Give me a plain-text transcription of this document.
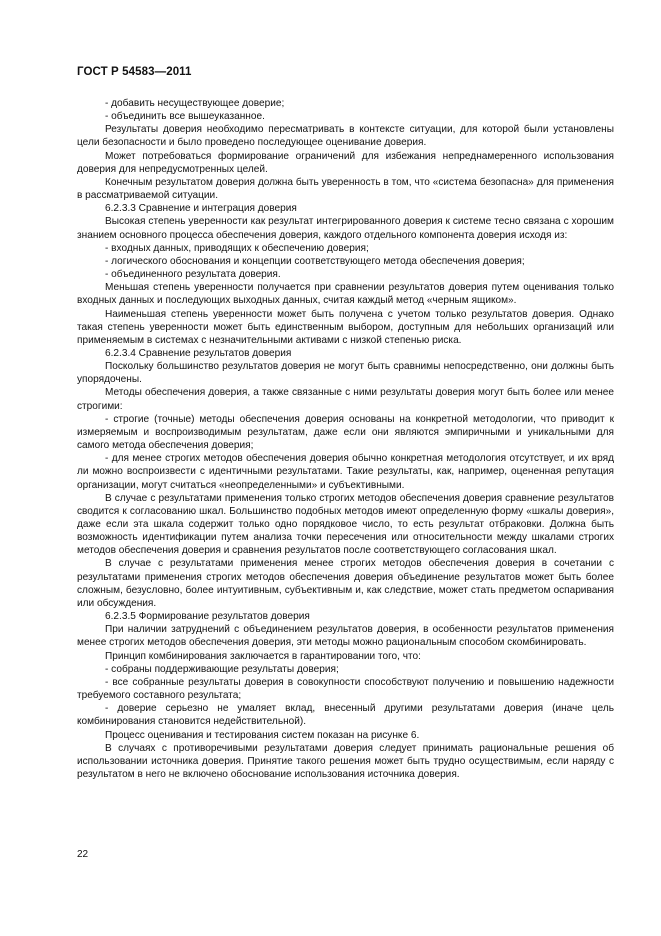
ГОСТ Р 54583—2011

- добавить несуществующее доверие;

- объединить все вышеуказанное.

Результаты доверия необходимо пересматривать в контексте ситуации, для которой были установлены цели безопасности и было проведено последующее оценивание доверия.

Может потребоваться формирование ограничений для избежания непреднамеренного использования доверия для непредусмотренных целей.

Конечным результатом доверия должна быть уверенность в том, что «система безопасна» для применения в рассматриваемой ситуации.

6.2.3.3 Сравнение и интеграция доверия

Высокая степень уверенности как результат интегрированного доверия к системе тесно связана с хорошим знанием основного процесса обеспечения доверия, каждого отдельного компонента доверия исходя из:

- входных данных, приводящих к обеспечению доверия;

- логического обоснования и концепции соответствующего метода обеспечения доверия;

- объединенного результата доверия.

Меньшая степень уверенности получается при сравнении результатов доверия путем оценивания только входных данных и последующих выходных данных, считая каждый метод «черным ящиком».

Наименьшая степень уверенности может быть получена с учетом только результатов доверия. Однако такая степень уверенности может быть единственным выбором, доступным для небольших организаций или применяемым в системах с незначительными активами с низкой степенью риска.

6.2.3.4 Сравнение результатов доверия

Поскольку большинство результатов доверия не могут быть сравнимы непосредственно, они должны быть упорядочены.

Методы обеспечения доверия, а также связанные с ними результаты доверия могут быть более или менее строгими:

- строгие (точные) методы обеспечения доверия основаны на конкретной методологии, что приводит к измеряемым и воспроизводимым результатам, даже если они являются эмпиричными и уникальными для самого метода обеспечения доверия;

- для менее строгих методов обеспечения доверия обычно конкретная методология отсутствует, и их вряд ли можно воспроизвести с идентичными результатами. Такие результаты, как, например, оцененная репутация организации, могут считаться «неопределенными» и субъективными.

В случае с результатами применения только строгих методов обеспечения доверия сравнение результатов сводится к согласованию шкал. Большинство подобных методов имеют определенную форму «шкалы доверия», даже если эта шкала содержит только одно порядковое число, то есть результат отбраковки. Должна быть возможность идентификации путем анализа точки пересечения или относительности между шкалами строгих методов обеспечения доверия и сравнения результатов после соответствующего согласования шкал.

В случае с результатами применения менее строгих методов обеспечения доверия в сочетании с результатами применения строгих методов обеспечения доверия объединение результатов может быть более сложным, безусловно, более интуитивным, субъективным и, как следствие, может стать предметом оспаривания или обсуждения.

6.2.3.5 Формирование результатов доверия

При наличии затруднений с объединением результатов доверия, в особенности результатов применения менее строгих методов обеспечения доверия, эти методы можно рациональным способом скомбинировать.

Принцип комбинирования заключается в гарантировании того, что:

- собраны поддерживающие результаты доверия;

- все собранные результаты доверия в совокупности способствуют получению и повышению надежности требуемого составного результата;

- доверие серьезно не умаляет вклад, внесенный другими результатами доверия (иначе цель комбинирования становится недействительной).

Процесс оценивания и тестирования систем показан на рисунке 6.

В случаях с противоречивыми результатами доверия следует принимать рациональные решения об использовании источника доверия. Принятие такого решения может быть трудно осуществимым, если наряду с результатом в него не включено обоснование использования источника доверия.

22
